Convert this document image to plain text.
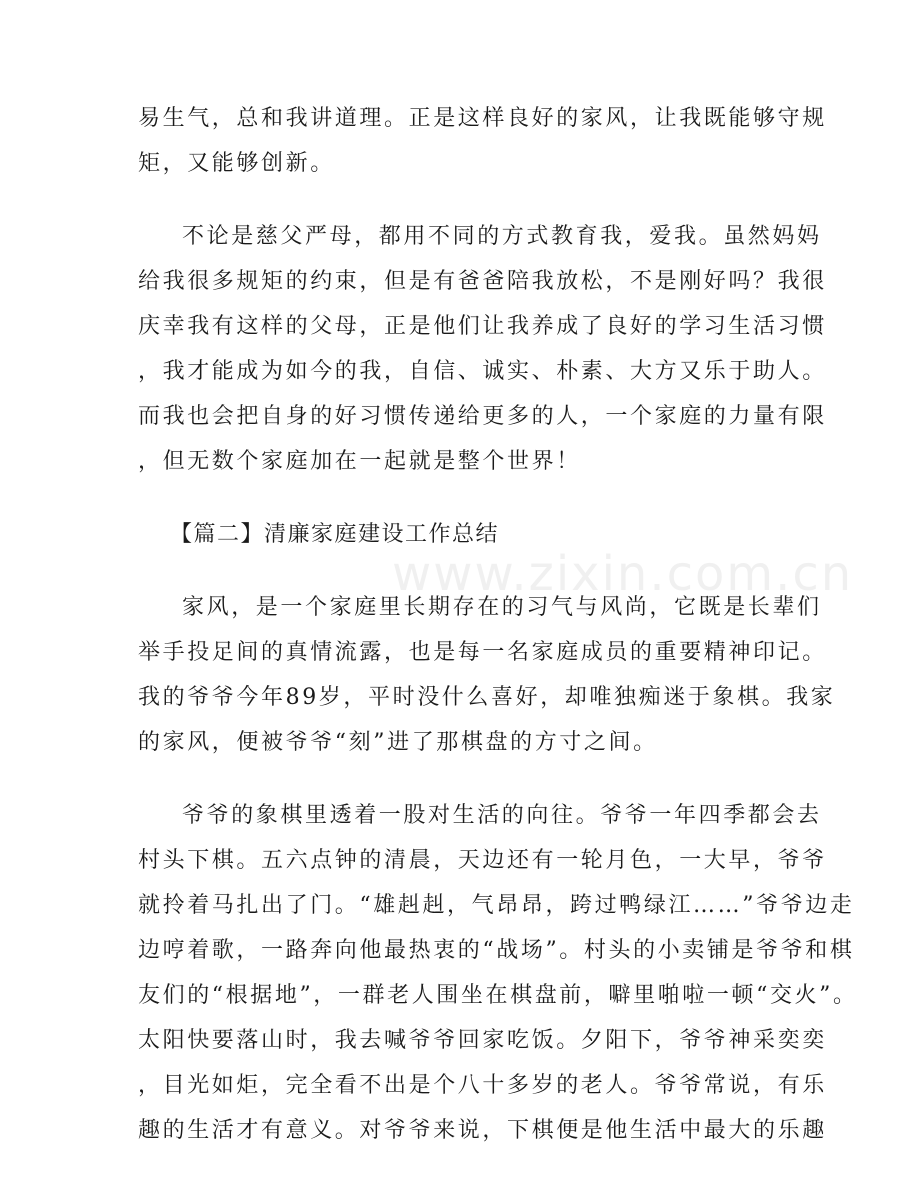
www.zixin.com.cn
易生气，总和我讲道理。正是这样良好的家风，让我既能够守规
矩，又能够创新。
不论是慈父严母，都用不同的方式教育我，爱我。虽然妈妈
给我很多规矩的约束，但是有爸爸陪我放松，不是刚好吗？我很
庆幸我有这样的父母，正是他们让我养成了良好的学习生活习惯
，我才能成为如今的我，自信、诚实、朴素、大方又乐于助人。
而我也会把自身的好习惯传递给更多的人，一个家庭的力量有限
，但无数个家庭加在一起就是整个世界！
【篇二】清廉家庭建设工作总结
家风，是一个家庭里长期存在的习气与风尚，它既是长辈们
举手投足间的真情流露，也是每一名家庭成员的重要精神印记。
我的爷爷今年89岁，平时没什么喜好，却唯独痴迷于象棋。我家
的家风，便被爷爷“刻”进了那棋盘的方寸之间。
爷爷的象棋里透着一股对生活的向往。爷爷一年四季都会去
村头下棋。五六点钟的清晨，天边还有一轮月色，一大早，爷爷
就拎着马扎出了门。“雄赳赳，气昂昂，跨过鸭绿江……”爷爷边走
边哼着歌，一路奔向他最热衷的“战场”。村头的小卖铺是爷爷和棋
友们的“根据地”，一群老人围坐在棋盘前，噼里啪啦一顿“交火”。
太阳快要落山时，我去喊爷爷回家吃饭。夕阳下，爷爷神采奕奕
，目光如炬，完全看不出是个八十多岁的老人。爷爷常说，有乐
趣的生活才有意义。对爷爷来说，下棋便是他生活中最大的乐趣
